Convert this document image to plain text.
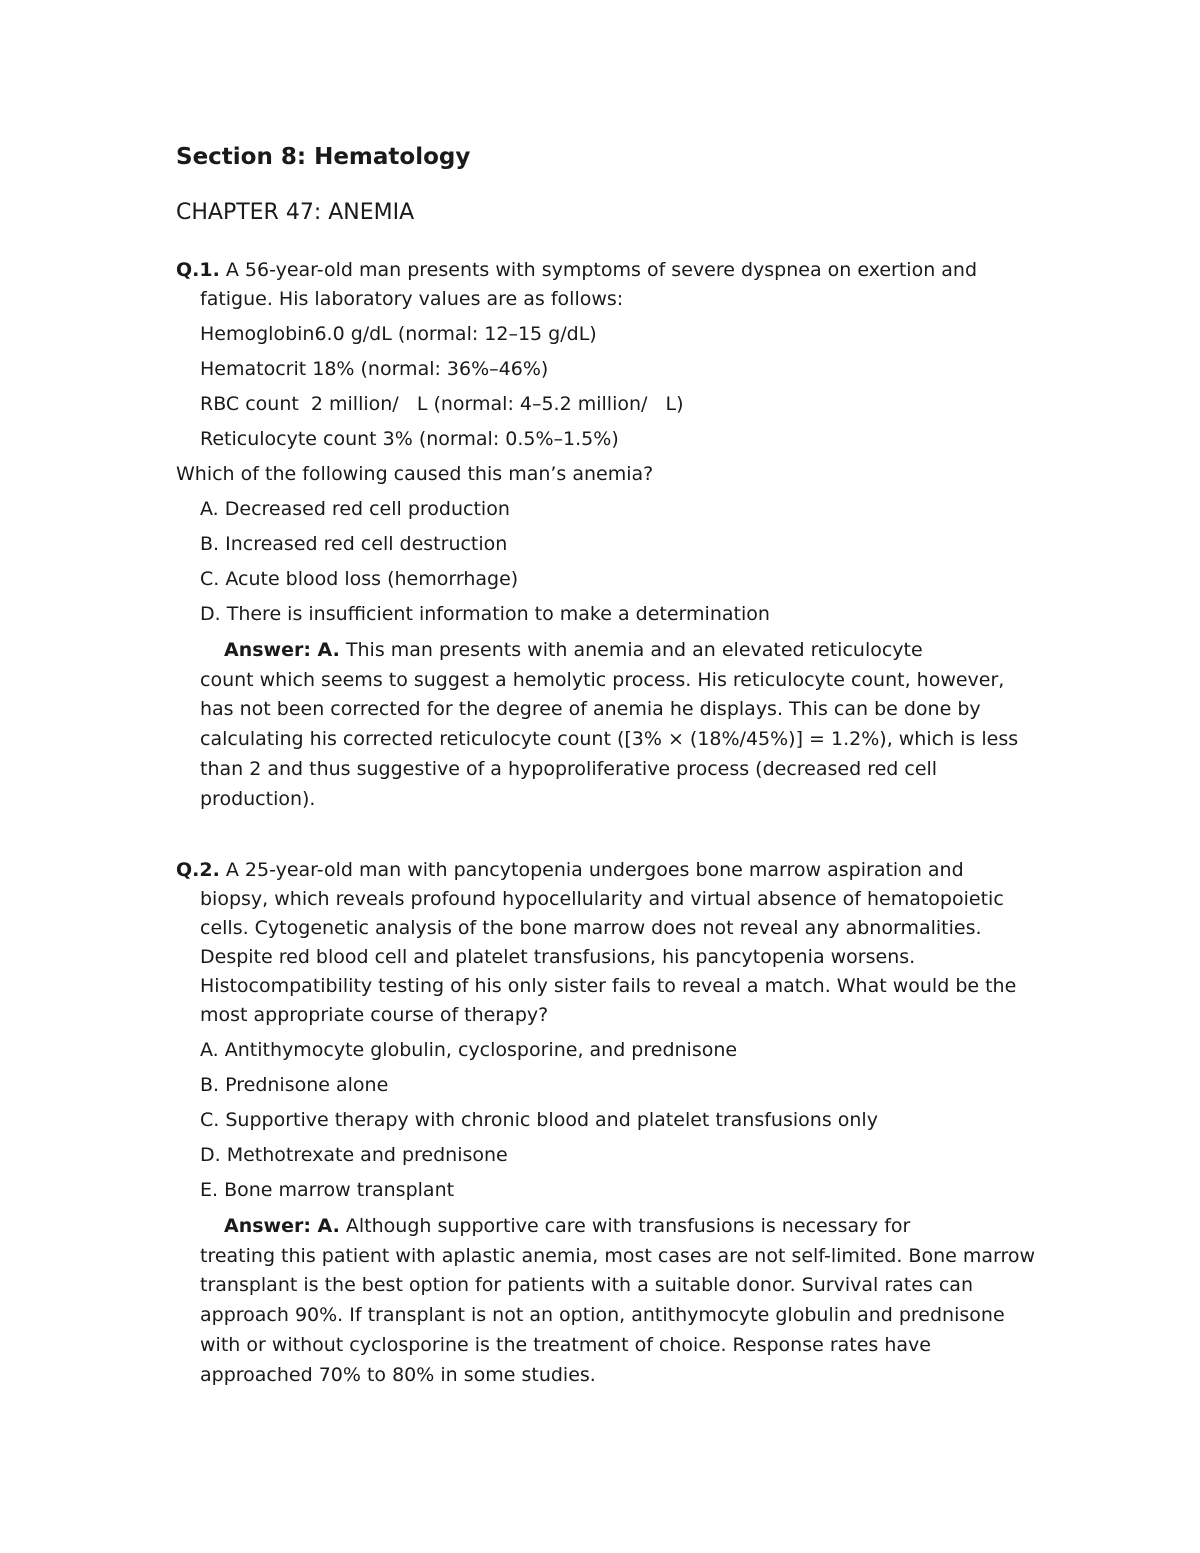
Section 8: Hematology
CHAPTER 47: ANEMIA

Q.1. A 56-year-old man presents with symptoms of severe dyspnea on exertion and fatigue. His laboratory values are as follows:

Hemoglobin6.0 g/dL (normal: 12–15 g/dL)

Hematocrit 18% (normal: 36%–46%)

RBC count  2 million/   L (normal: 4–5.2 million/   L)

Reticulocyte count 3% (normal: 0.5%–1.5%)

Which of the following caused this man’s anemia?

A. Decreased red cell production

B. Increased red cell destruction

C. Acute blood loss (hemorrhage)

D. There is insufficient information to make a determination

Answer: A. This man presents with anemia and an elevated reticulocyte

count which seems to suggest a hemolytic process. His reticulocyte count, however, has not been corrected for the degree of anemia he displays. This can be done by calculating his corrected reticulocyte count ([3% × (18%/45%)] = 1.2%), which is less than 2 and thus suggestive of a hypoproliferative process (decreased red cell production).

Q.2. A 25-year-old man with pancytopenia undergoes bone marrow aspiration and biopsy, which reveals profound hypocellularity and virtual absence of hematopoietic cells. Cytogenetic analysis of the bone marrow does not reveal any abnormalities. Despite red blood cell and platelet transfusions, his pancytopenia worsens. Histocompatibility testing of his only sister fails to reveal a match. What would be the most appropriate course of therapy?

A. Antithymocyte globulin, cyclosporine, and prednisone

B. Prednisone alone

C. Supportive therapy with chronic blood and platelet transfusions only

D. Methotrexate and prednisone

E. Bone marrow transplant

Answer: A. Although supportive care with transfusions is necessary for

treating this patient with aplastic anemia, most cases are not self-limited. Bone marrow transplant is the best option for patients with a suitable donor. Survival rates can approach 90%. If transplant is not an option, antithymocyte globulin and prednisone with or without cyclosporine is the treatment of choice. Response rates have approached 70% to 80% in some studies.
